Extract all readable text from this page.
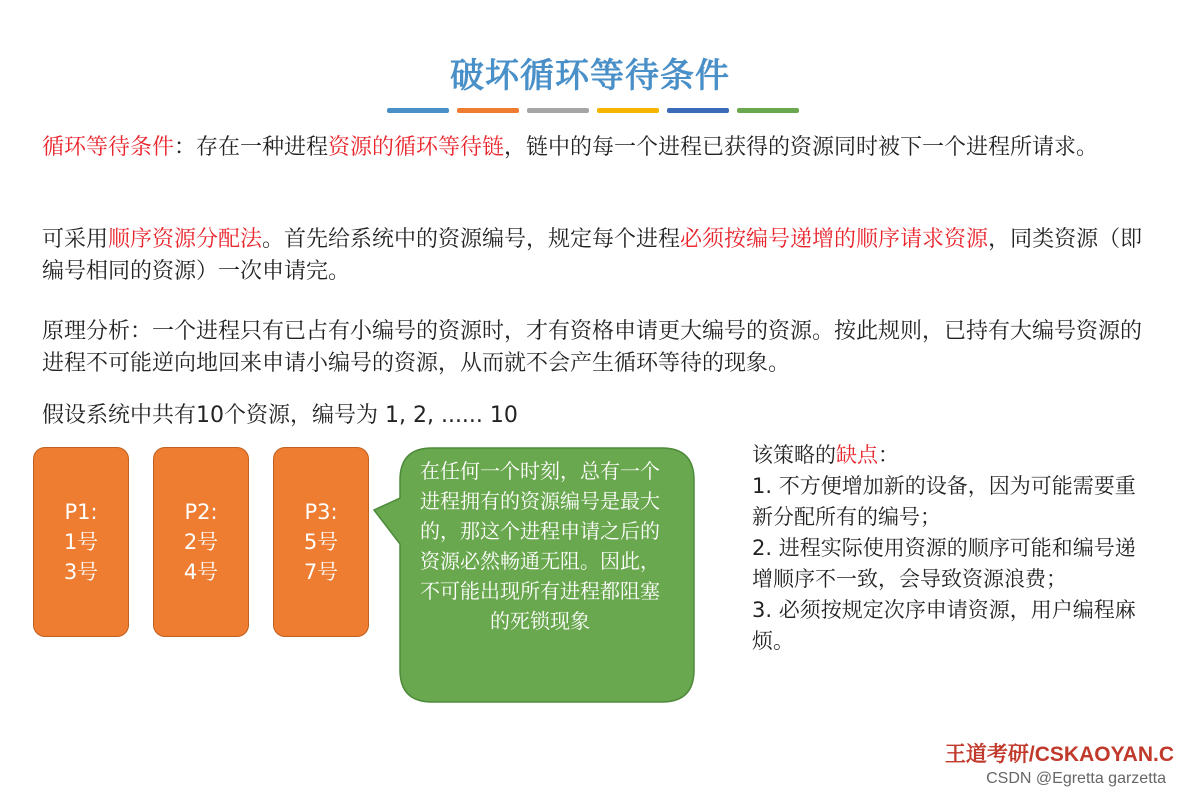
破坏循环等待条件
循环等待条件：存在一种进程资源的循环等待链，链中的每一个进程已获得的资源同时被下一个进程所请求。
可采用顺序资源分配法。首先给系统中的资源编号，规定每个进程必须按编号递增的顺序请求资源，同类资源（即编号相同的资源）一次申请完。
原理分析：一个进程只有已占有小编号的资源时，才有资格申请更大编号的资源。按此规则，已持有大编号资源的进程不可能逆向地回来申请小编号的资源，从而就不会产生循环等待的现象。
假设系统中共有10个资源，编号为 1, 2, ...... 10
P1:
1号
3号
P2:
2号
4号
P3:
5号
7号
在任何一个时刻，总有一个进程拥有的资源编号是最大的，那这个进程申请之后的资源必然畅通无阻。因此，不可能出现所有进程都阻塞的死锁现象
该策略的缺点：
1. 不方便增加新的设备，因为可能需要重新分配所有的编号；
2. 进程实际使用资源的顺序可能和编号递增顺序不一致，会导致资源浪费；
3. 必须按规定次序申请资源，用户编程麻烦。
王道考研/CSKAOYAN.C
CSDN @Egretta garzetta
